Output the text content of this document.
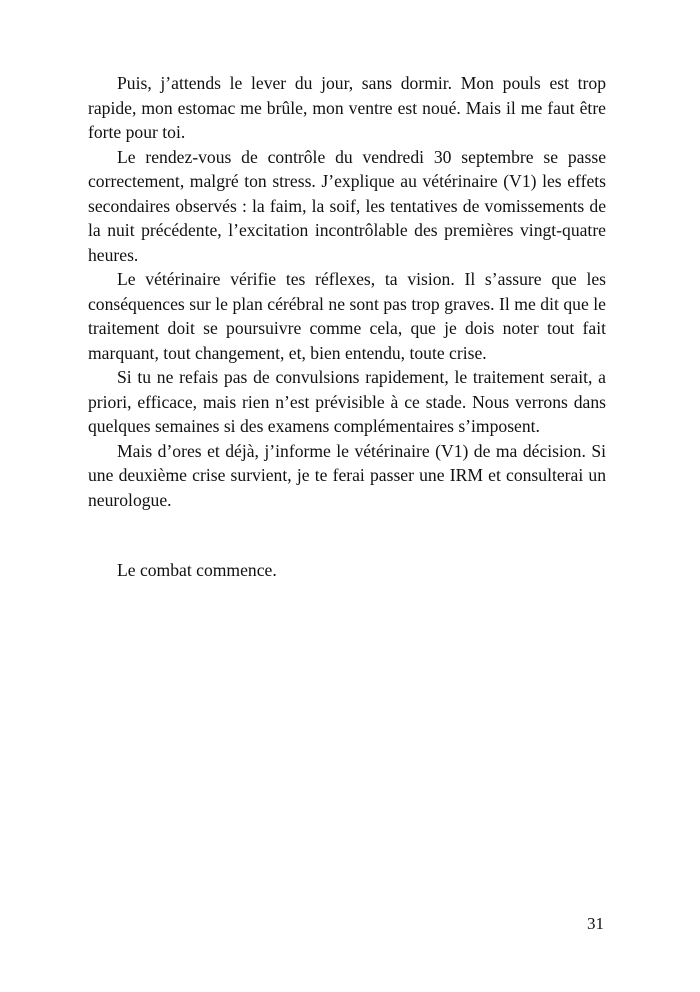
Puis, j’attends le lever du jour, sans dormir. Mon pouls est trop rapide, mon estomac me brûle, mon ventre est noué. Mais il me faut être forte pour toi.

Le rendez-vous de contrôle du vendredi 30 septembre se passe correctement, malgré ton stress. J’explique au vétérinaire (V1) les effets secondaires observés : la faim, la soif, les tentatives de vomissements de la nuit précédente, l’excitation incontrôlable des premières vingt-quatre heures.

Le vétérinaire vérifie tes réflexes, ta vision. Il s’assure que les conséquences sur le plan cérébral ne sont pas trop graves. Il me dit que le traitement doit se poursuivre comme cela, que je dois noter tout fait marquant, tout changement, et, bien entendu, toute crise.

Si tu ne refais pas de convulsions rapidement, le traitement serait, a priori, efficace, mais rien n’est prévisible à ce stade. Nous verrons dans quelques semaines si des examens complémentaires s’imposent.

Mais d’ores et déjà, j’informe le vétérinaire (V1) de ma décision. Si une deuxième crise survient, je te ferai passer une IRM et consulterai un neurologue.

Le combat commence.

31
